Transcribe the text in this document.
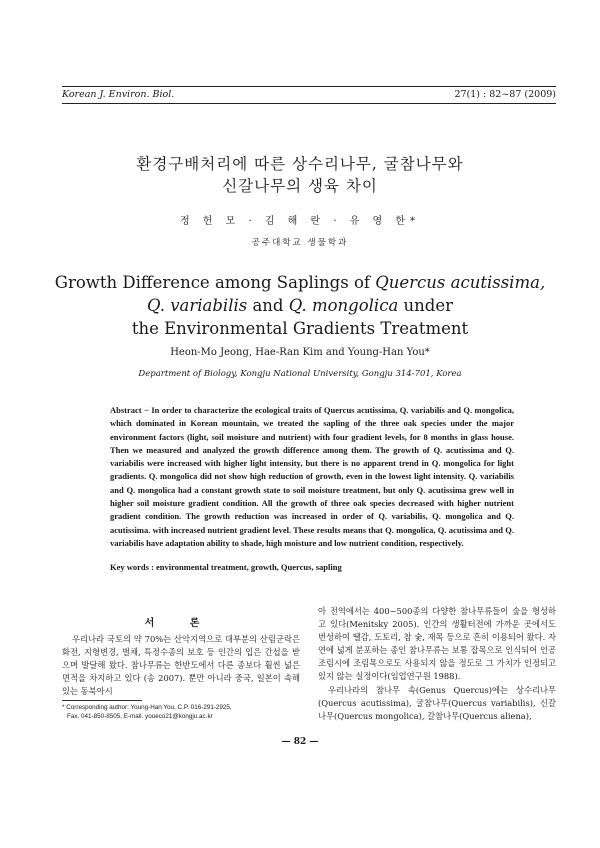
Korean J. Environ. Biol.	27(1) : 82~87 (2009)
환경구배처리에 따른 상수리나무, 굴참나무와
신갈나무의 생육 차이
정 헌 모 · 김 해 란 · 유 영 한*
공주대학교 생물학과
Growth Difference among Saplings of Quercus acutissima,
Q. variabilis and Q. mongolica under
the Environmental Gradients Treatment
Heon-Mo Jeong, Hae-Ran Kim and Young-Han You*
Department of Biology, Kongju National University, Gongju 314-701, Korea

Abstract − In order to characterize the ecological traits of Quercus acutissima, Q. variabilis and Q. mongolica, which dominated in Korean mountain, we treated the sapling of the three oak species under the major environment factors (light, soil moisture and nutrient) with four gradient levels, for 8 months in glass house. Then we measured and analyzed the growth difference among them. The growth of Q. acutissima and Q. variabilis were increased with higher light intensity, but there is no apparent trend in Q. mongolica for light gradients. Q. mongolica did not show high reduction of growth, even in the lowest light intensity. Q. variabilis and Q. mongolica had a constant growth state to soil moisture treatment, but only Q. acutissima grew well in higher soil moisture gradient condition. All the growth of three oak species decreased with higher nutrient gradient condition. The growth reduction was increased in order of Q. variabilis, Q. mongolica and Q. acutissima. with increased nutrient gradient level. These results means that Q. mongolica, Q. acutissima and Q. variabilis have adaptation ability to shade, high moisture and low nutrient condition, respectively.

Key words : environmental treatment, growth, Quercus, sapling
서 론

우리나라 국토의 약 70%는 산악지역으로 대부분의 산림군락은 화전, 지형변경, 벌채, 특정수종의 보호 등 인간의 입은 간섭을 받으며 발달해 왔다. 참나무류는 한반도에서 다른 종보다 훨씬 넓은 면적을 차지하고 있다 (송 2007). 뿐만 아니라 중국, 일본이 속해있는 동북아시

* Corresponding author: Young-Han You, C.P. 016-291-2925,
Fax. 041-850-8505, E-mail. youeco21@kongju.ac.kr

아 전역에서는 400~500종의 다양한 참나무류들이 숲을 형성하고 있다(Menitsky 2005). 인간의 생활터전에 가까운 곳에서도 번성하여 땔감, 도토리, 참 숯, 재목 등으로 흔히 이용되어 왔다. 자연에 넓게 분포하는 종인 참나무류는 보통 잡목으로 인식되어 인공 조림시에 조림목으로도 사용되지 않을 정도로 그 가치가 인정되고 있지 않는 실정이다(임업연구원 1988).

우리나라의 참나무 속(Genus Quercus)에는 상수리나무(Quercus acutissima), 굴참나무(Quercus variabilis), 신갈나무(Quercus mongolica), 갈참나무(Quercus aliena),

— 82 —
